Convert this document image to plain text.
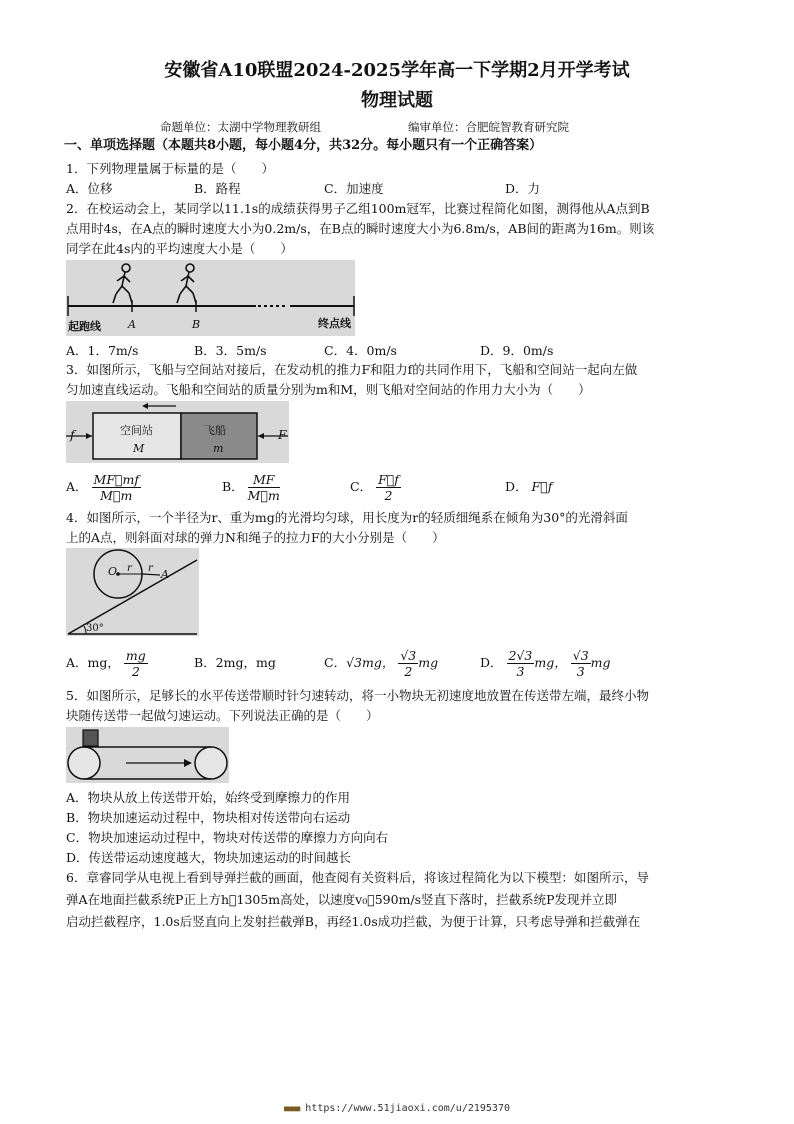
安徽省A10联盟2024-2025学年高一下学期2月开学考试
物理试题
命题单位：太湖中学物理教研组	编审单位：合肥皖智教育研究院
一、单项选择题（本题共8小题，每小题4分，共32分。每小题只有一个正确答案）
1．下列物理量属于标量的是（　　）
A．位移	B．路程	C．加速度	D．力
2．在校运动会上，某同学以11.1s的成绩获得男子乙组100m冠军，比赛过程简化如图，测得他从A点到B
点用时4s，在A点的瞬时速度大小为0.2m/s，在B点的瞬时速度大小为6.8m/s，AB间的距离为16m。则该
同学在此4s内的平均速度大小是（　　）
起跑线 A	B	终点线
A．1．7m/s	B．3．5m/s	C．4．0m/s	D．9．0m/s
3．如图所示，飞船与空间站对接后，在发动机的推力F和阻力f的共同作用下，飞船和空间站一起向左做
匀加速直线运动。飞船和空间站的质量分别为m和M，则飞船对空间站的作用力大小为（　　）
f	F
空间站
M
飞船
m
A． $\frac{MF mf}{M m}$	B． $\frac{MF}{M m}$	C． $\frac{F f}{2}$	D． F f
4．如图所示，一个半径为r、重为mg的光滑均匀球，用长度为r的轻质细绳系在倾角为30°的光滑斜面
上的A点，则斜面对球的弹力N和绳子的拉力F的大小分别是（　　）
O r r A
30°
A．mg， $\frac{mg}{2}$	B．2mg，mg	C．√3mg， $\frac{√3}{2}$ mg	D． $\frac{2√3}{3}$ mg， $\frac{√3}{3}$ mg
5．如图所示，足够长的水平传送带顺时针匀速转动，将一小物块无初速度地放置在传送带左端，最终小物
块随传送带一起做匀速运动。下列说法正确的是（　　）
A．物块从放上传送带开始，始终受到摩擦力的作用
B．物块加速运动过程中，物块相对传送带向右运动
C．物块加速运动过程中，物块对传送带的摩擦力方向向右
D．传送带运动速度越大，物块加速运动的时间越长
6．章睿同学从电视上看到导弹拦截的画面，他查阅有关资料后，将该过程简化为以下模型：如图所示，导
弹A在地面拦截系统P正上方h 1305m高处，以速度v₀ 590m/s竖直下落时，拦截系统P发现并立即
启动拦截程序，1.0s后竖直向上发射拦截弹B，再经1.0s成功拦截，为便于计算，只考虑导弹和拦截弹在
■■■■ https://www.51jiaoxi.com/u/2195370
